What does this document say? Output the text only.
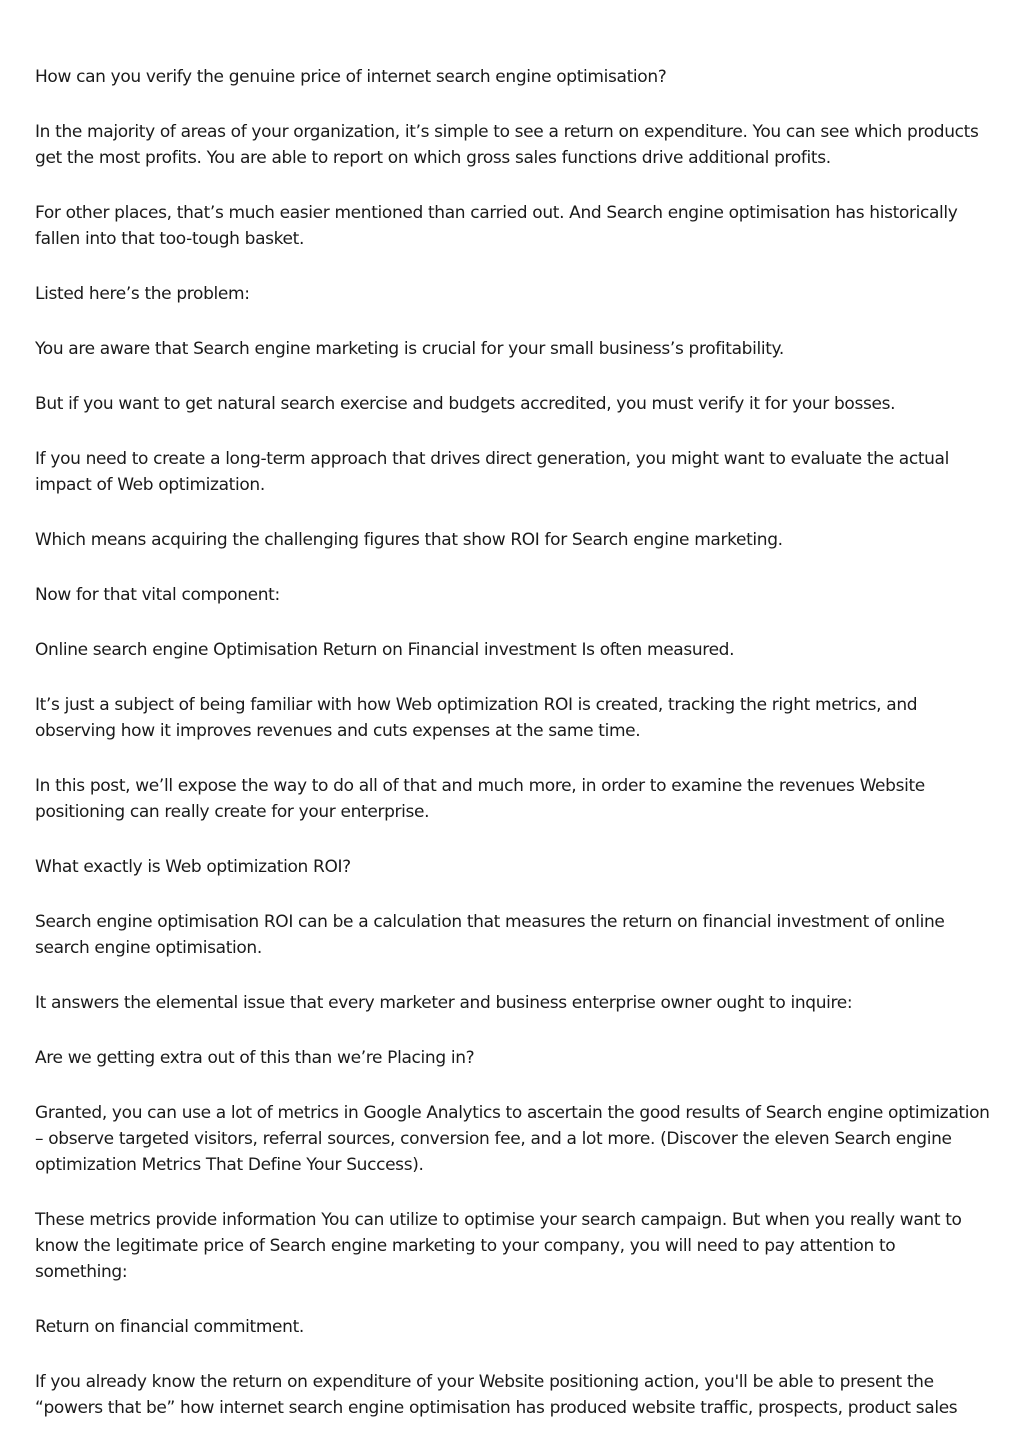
How can you verify the genuine price of internet search engine optimisation?

In the majority of areas of your organization, it’s simple to see a return on expenditure. You can see which products get the most profits. You are able to report on which gross sales functions drive additional profits.

For other places, that’s much easier mentioned than carried out. And Search engine optimisation has historically fallen into that too-tough basket.

Listed here’s the problem:

You are aware that Search engine marketing is crucial for your small business’s profitability.

But if you want to get natural search exercise and budgets accredited, you must verify it for your bosses.

If you need to create a long-term approach that drives direct generation, you might want to evaluate the actual impact of Web optimization.

Which means acquiring the challenging figures that show ROI for Search engine marketing.

Now for that vital component:

Online search engine Optimisation Return on Financial investment Is often measured.

It’s just a subject of being familiar with how Web optimization ROI is created, tracking the right metrics, and observing how it improves revenues and cuts expenses at the same time.

In this post, we’ll expose the way to do all of that and much more, in order to examine the revenues Website positioning can really create for your enterprise.

What exactly is Web optimization ROI?

Search engine optimisation ROI can be a calculation that measures the return on financial investment of online search engine optimisation.

It answers the elemental issue that every marketer and business enterprise owner ought to inquire:

Are we getting extra out of this than we’re Placing in?

Granted, you can use a lot of metrics in Google Analytics to ascertain the good results of Search engine optimization – observe targeted visitors, referral sources, conversion fee, and a lot more. (Discover the eleven Search engine optimization Metrics That Define Your Success).

These metrics provide information You can utilize to optimise your search campaign. But when you really want to know the legitimate price of Search engine marketing to your company, you will need to pay attention to something:

Return on financial commitment.

If you already know the return on expenditure of your Website positioning action, you'll be able to present the “powers that be” how internet search engine optimisation has produced website traffic, prospects, product sales
